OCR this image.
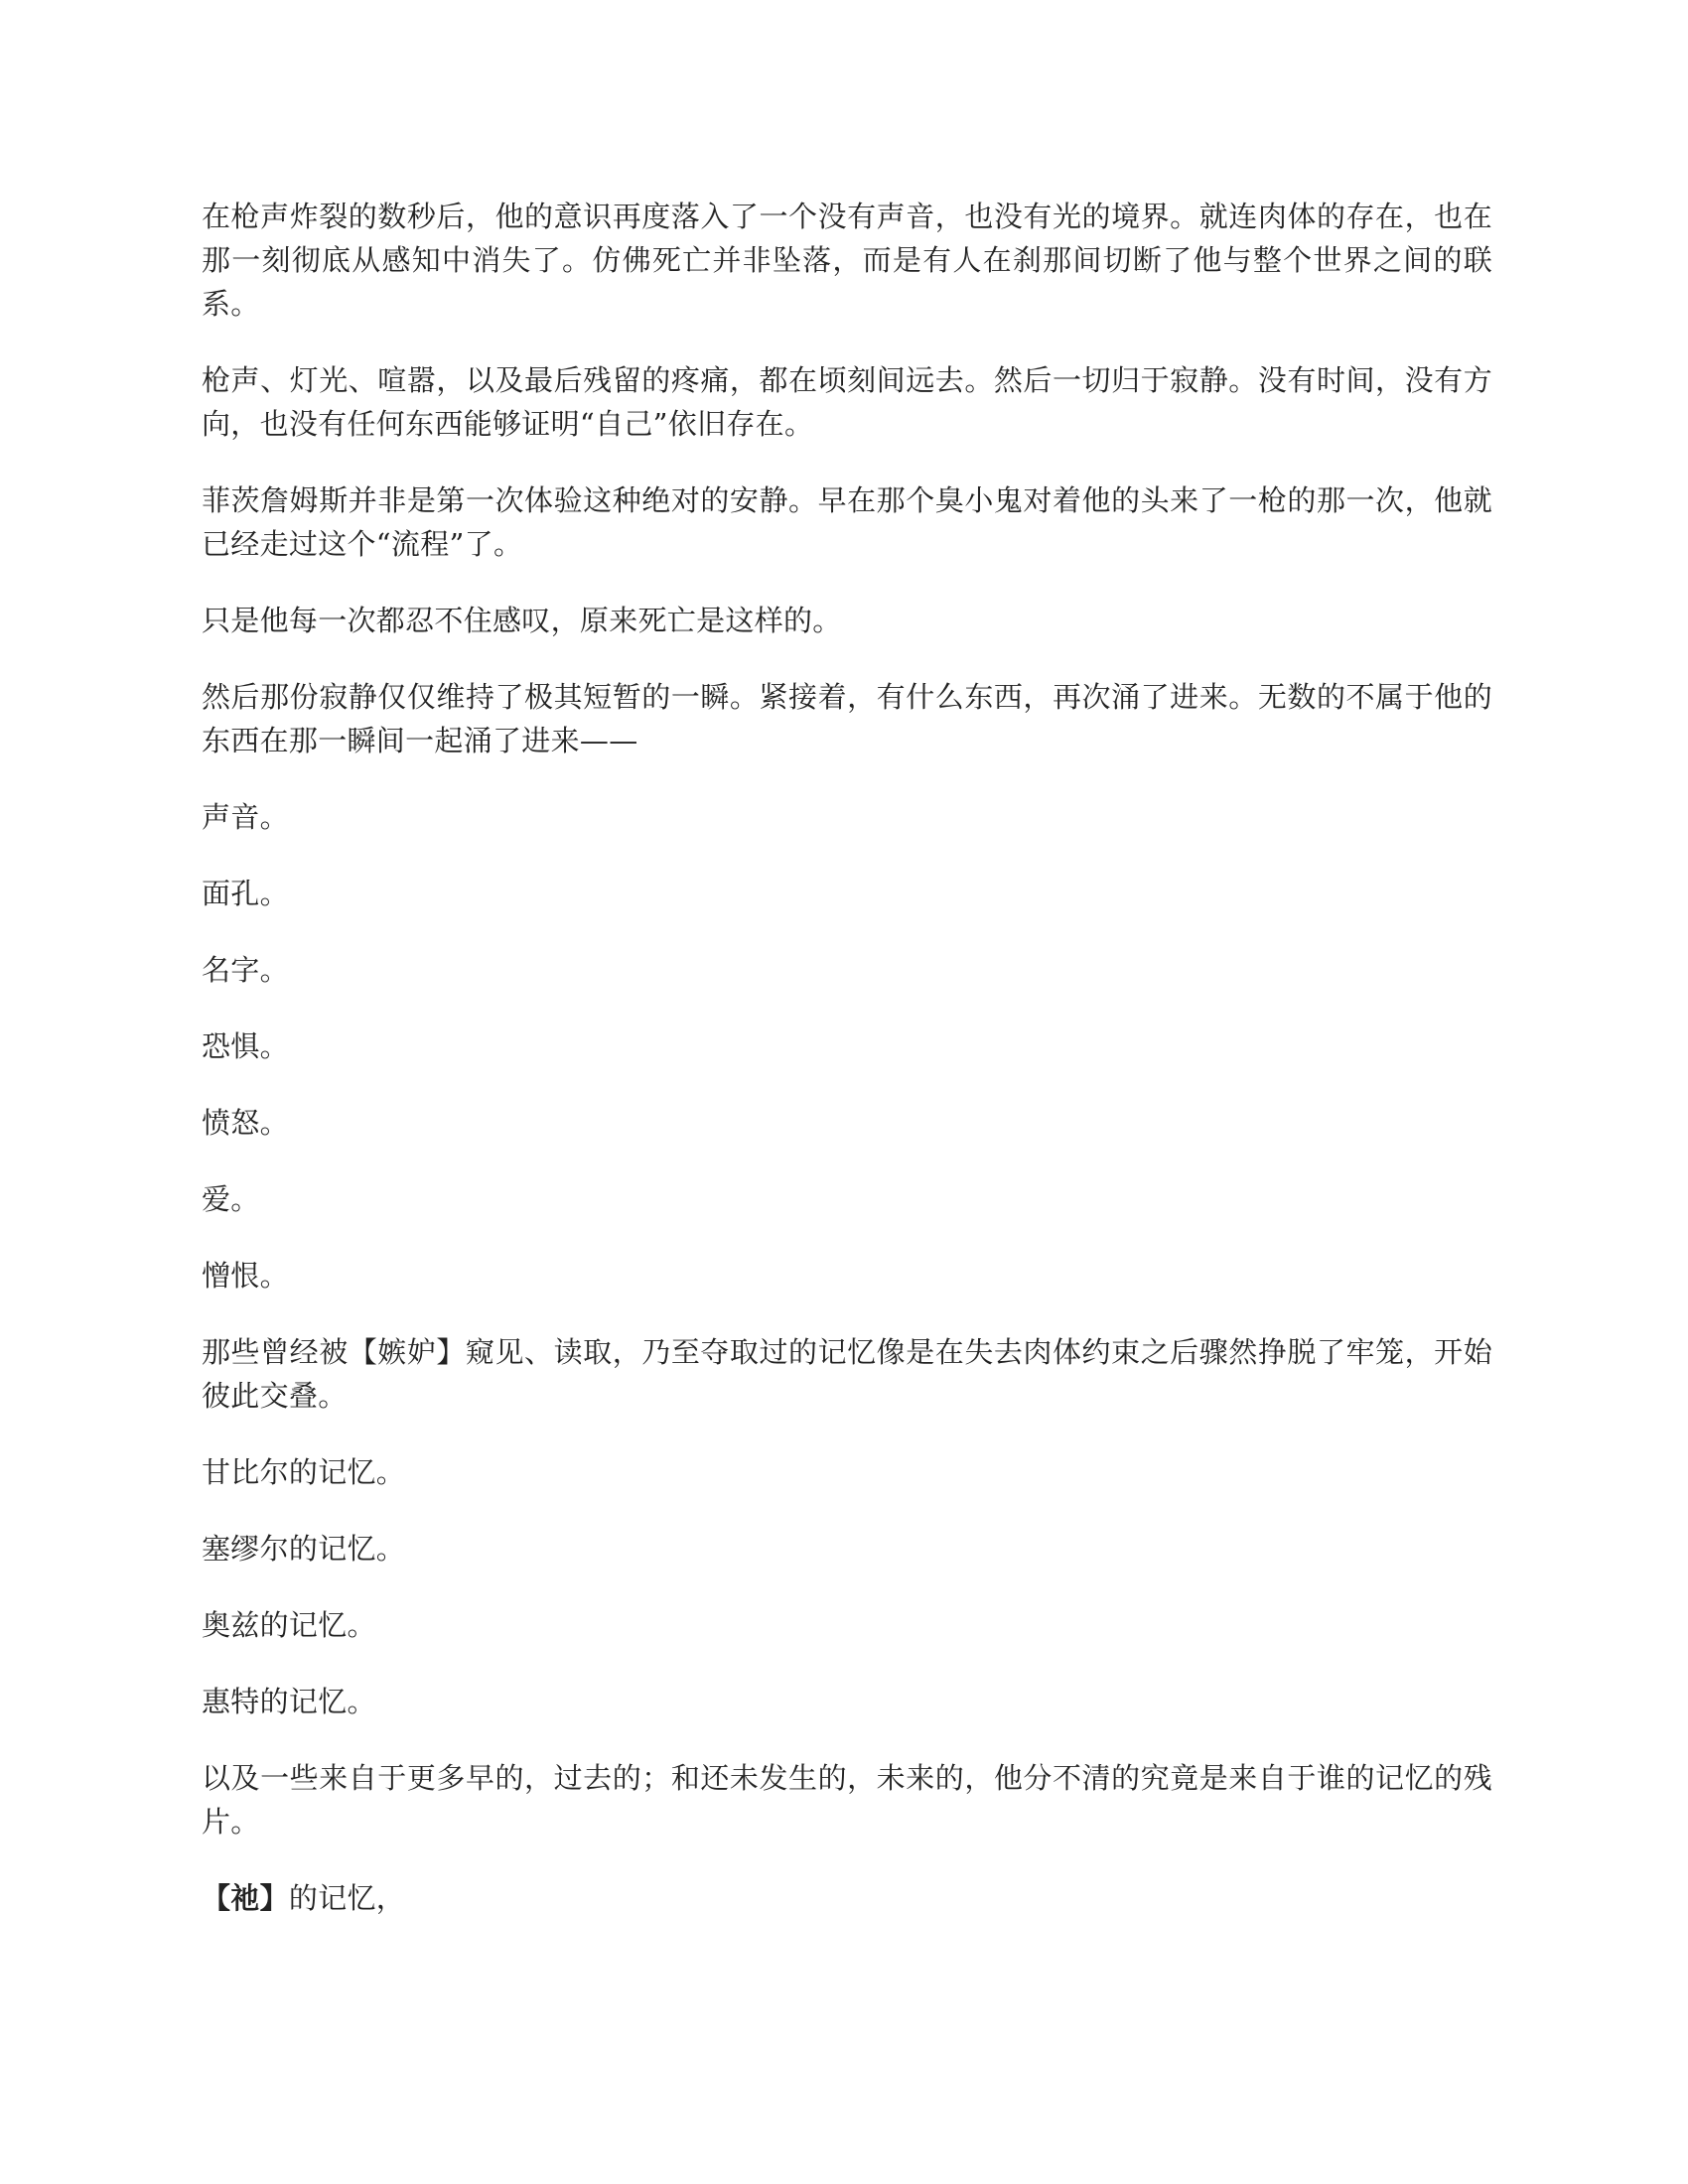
在枪声炸裂的数秒后，他的意识再度落入了一个没有声音，也没有光的境界。就连肉体的存在，也在那一刻彻底从感知中消失了。仿佛死亡并非坠落，而是有人在刹那间切断了他与整个世界之间的联系。

枪声、灯光、喧嚣，以及最后残留的疼痛，都在顷刻间远去。然后一切归于寂静。没有时间，没有方向，也没有任何东西能够证明“自己”依旧存在。

菲茨詹姆斯并非是第一次体验这种绝对的安静。早在那个臭小鬼对着他的头来了一枪的那一次，他就已经走过这个“流程”了。

只是他每一次都忍不住感叹，原来死亡是这样的。

然后那份寂静仅仅维持了极其短暂的一瞬。紧接着，有什么东西，再次涌了进来。无数的不属于他的东西在那一瞬间一起涌了进来——

声音。

面孔。

名字。

恐惧。

愤怒。

爱。

憎恨。

那些曾经被【嫉妒】窥见、读取，乃至夺取过的记忆像是在失去肉体约束之后骤然挣脱了牢笼，开始彼此交叠。

甘比尔的记忆。

塞缪尔的记忆。

奥兹的记忆。

惠特的记忆。

以及一些来自于更多早的，过去的；和还未发生的，未来的，他分不清的究竟是来自于谁的记忆的残片。

【祂】的记忆，
